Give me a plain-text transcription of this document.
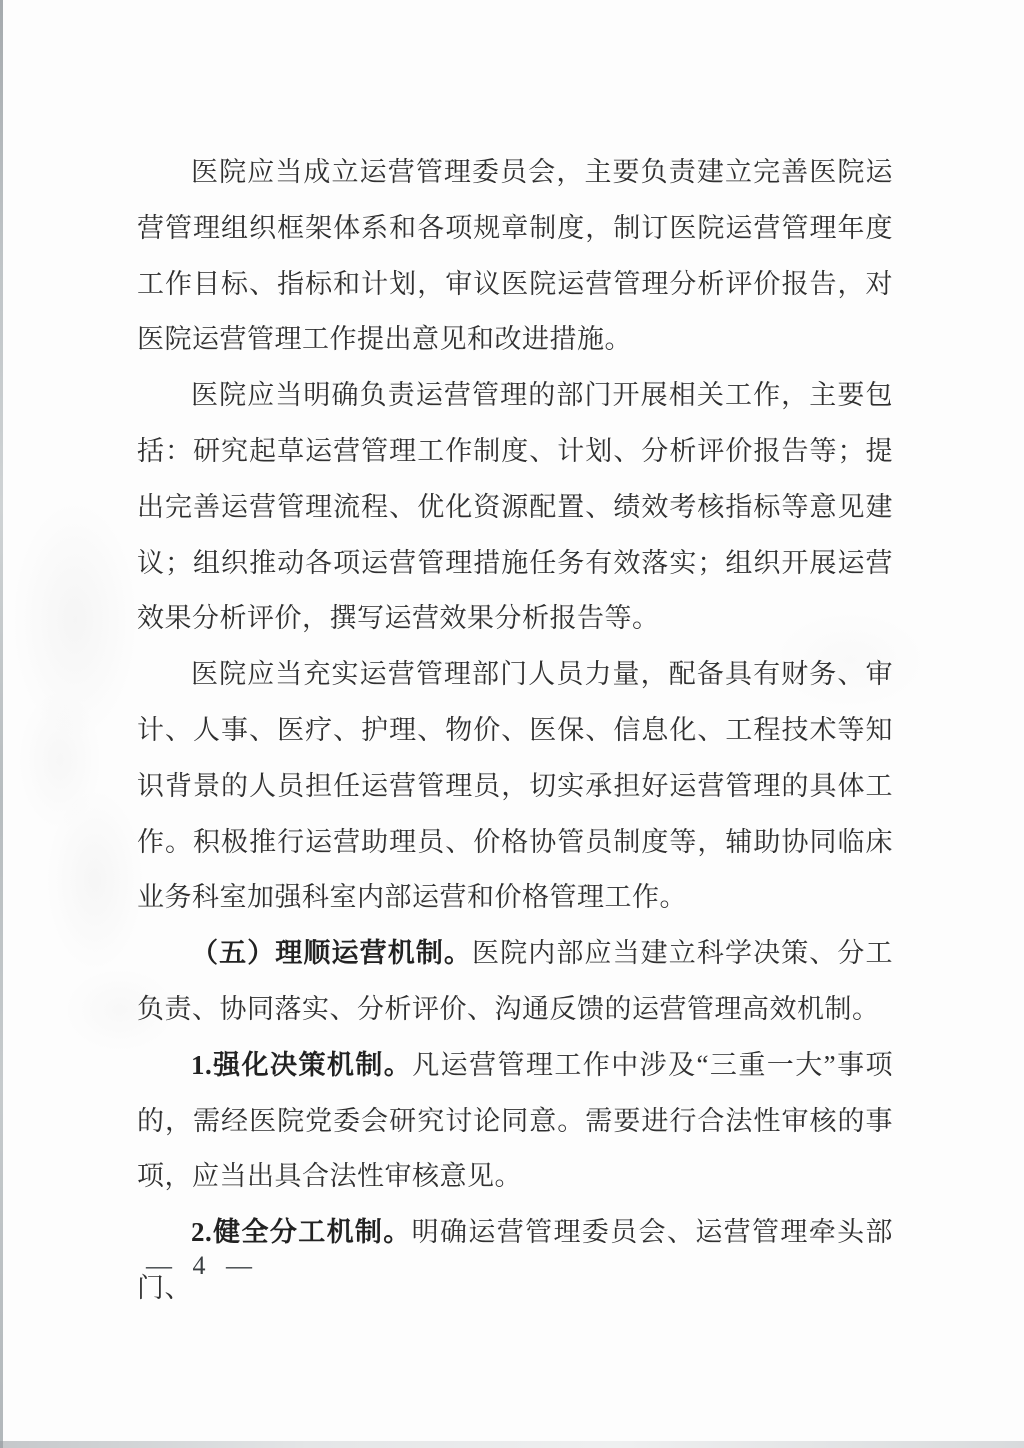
医院应当成立运营管理委员会，主要负责建立完善医院运营管理组织框架体系和各项规章制度，制订医院运营管理年度工作目标、指标和计划，审议医院运营管理分析评价报告，对医院运营管理工作提出意见和改进措施。

医院应当明确负责运营管理的部门开展相关工作，主要包括：研究起草运营管理工作制度、计划、分析评价报告等；提出完善运营管理流程、优化资源配置、绩效考核指标等意见建议；组织推动各项运营管理措施任务有效落实；组织开展运营效果分析评价，撰写运营效果分析报告等。

医院应当充实运营管理部门人员力量，配备具有财务、审计、人事、医疗、护理、物价、医保、信息化、工程技术等知识背景的人员担任运营管理员，切实承担好运营管理的具体工作。积极推行运营助理员、价格协管员制度等，辅助协同临床业务科室加强科室内部运营和价格管理工作。

（五）理顺运营机制。医院内部应当建立科学决策、分工负责、协同落实、分析评价、沟通反馈的运营管理高效机制。

1.强化决策机制。凡运营管理工作中涉及“三重一大”事项的，需经医院党委会研究讨论同意。需要进行合法性审核的事项，应当出具合法性审核意见。

2.健全分工机制。明确运营管理委员会、运营管理牵头部门、

— 4 —
